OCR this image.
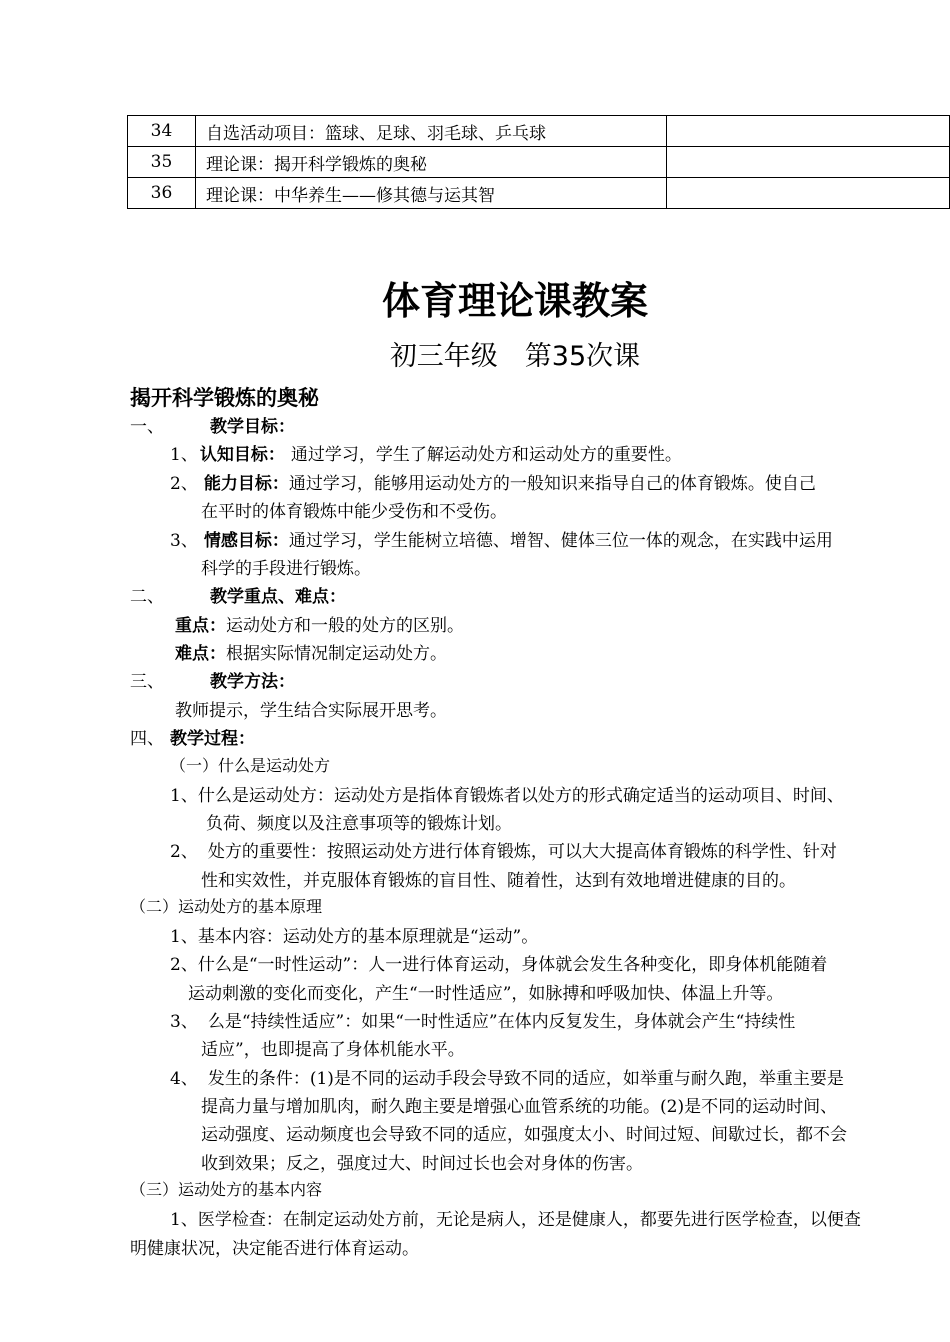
34	自选活动项目：篮球、足球、羽毛球、乒乓球	
35	理论课：揭开科学锻炼的奥秘	
36	理论课：中华养生——修其德与运其智	
体育理论课教案
初三年级　第35次课
揭开科学锻炼的奥秘
一、	教学目标：
1、 认知目标： 通过学习，学生了解运动处方和运动处方的重要性。
2、 能力目标：通过学习，能够用运动处方的一般知识来指导自己的体育锻炼。使自己
在平时的体育锻炼中能少受伤和不受伤。
3、 情感目标：通过学习，学生能树立培德、增智、健体三位一体的观念，在实践中运用
科学的手段进行锻炼。
二、	教学重点、难点：
重点：运动处方和一般的处方的区别。
难点：根据实际情况制定运动处方。
三、	教学方法：
教师提示，学生结合实际展开思考。
四、 教学过程：
（一）什么是运动处方
1、什么是运动处方：运动处方是指体育锻炼者以处方的形式确定适当的运动项目、时间、
负荷、频度以及注意事项等的锻炼计划。
2、 处方的重要性：按照运动处方进行体育锻炼，可以大大提高体育锻炼的科学性、针对
性和实效性，并克服体育锻炼的盲目性、随着性，达到有效地增进健康的目的。
（二）运动处方的基本原理
1、基本内容：运动处方的基本原理就是“运动”。
2、什么是“一时性运动”：人一进行体育运动，身体就会发生各种变化，即身体机能随着
运动刺激的变化而变化，产生“一时性适应”，如脉搏和呼吸加快、体温上升等。
3、 么是“持续性适应”：如果“一时性适应”在体内反复发生，身体就会产生“持续性
适应”，也即提高了身体机能水平。
4、 发生的条件：(1)是不同的运动手段会导致不同的适应，如举重与耐久跑，举重主要是
提高力量与增加肌肉，耐久跑主要是增强心血管系统的功能。(2)是不同的运动时间、
运动强度、运动频度也会导致不同的适应，如强度太小、时间过短、间歇过长，都不会
收到效果；反之，强度过大、时间过长也会对身体的伤害。
（三）运动处方的基本内容
1、医学检查：在制定运动处方前，无论是病人，还是健康人，都要先进行医学检查，以便查
明健康状况，决定能否进行体育运动。
